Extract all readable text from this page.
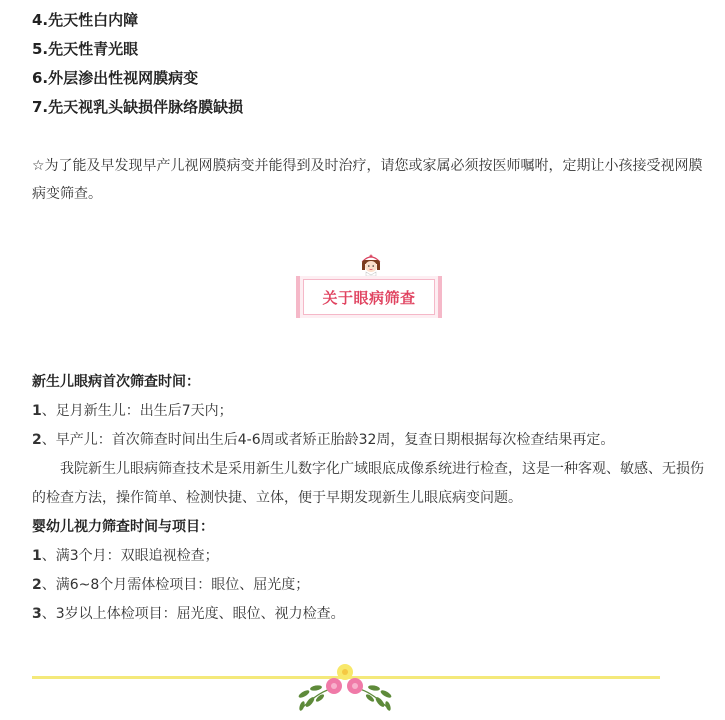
4.先天性白内障
5.先天性青光眼
6.外层渗出性视网膜病变
7.先天视乳头缺损伴脉络膜缺损
☆为了能及早发现早产儿视网膜病变并能得到及时治疗，请您或家属必须按医师嘱咐，定期让小孩接受视网膜病变筛查。
关于眼病筛查
新生儿眼病首次筛查时间：
1、足月新生儿：出生后7天内；
2、早产儿：首次筛查时间出生后4-6周或者矫正胎龄32周，复查日期根据每次检查结果再定。
我院新生儿眼病筛查技术是采用新生儿数字化广域眼底成像系统进行检查，这是一种客观、敏感、无损伤的检查方法，操作简单、检测快捷、立体，便于早期发现新生儿眼底病变问题。
婴幼儿视力筛查时间与项目：
1、满3个月：双眼追视检查；
2、满6~8个月需体检项目：眼位、屈光度；
3、3岁以上体检项目：屈光度、眼位、视力检查。
